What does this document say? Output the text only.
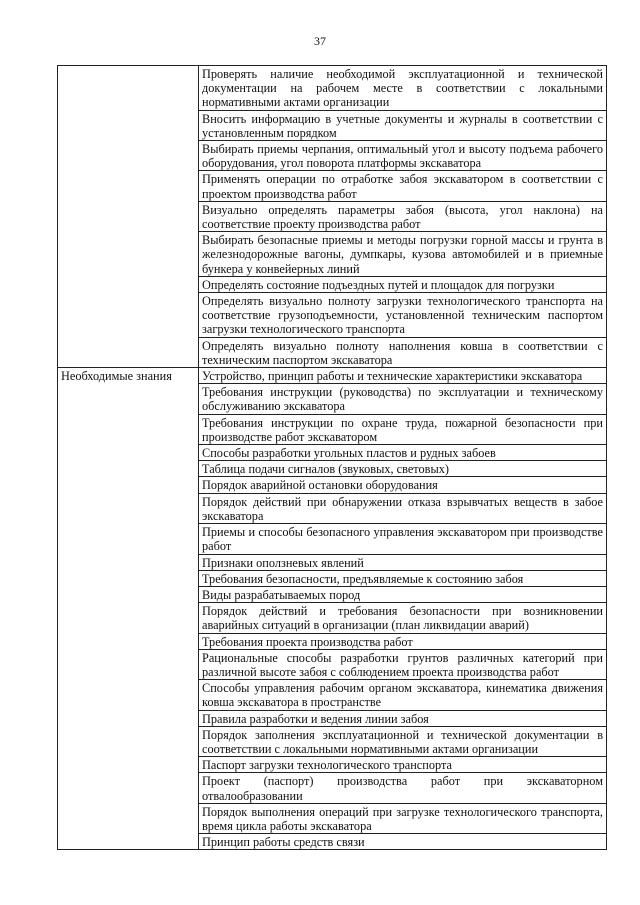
37
	Проверять наличие необходимой эксплуатационной и технической документации на рабочем месте в соответствии с локальными нормативными актами организации
	Вносить информацию в учетные документы и журналы в соответствии с установленным порядком
	Выбирать приемы черпания, оптимальный угол и высоту подъема рабочего оборудования, угол поворота платформы экскаватора
	Применять операции по отработке забоя экскаватором в соответствии с проектом производства работ
	Визуально определять параметры забоя (высота, угол наклона) на соответствие проекту производства работ
	Выбирать безопасные приемы и методы погрузки горной массы и грунта в железнодорожные вагоны, думпкары, кузова автомобилей и в приемные бункера у конвейерных линий
	Определять состояние подъездных путей и площадок для погрузки
	Определять визуально полноту загрузки технологического транспорта на соответствие грузоподъемности, установленной техническим паспортом загрузки технологического транспорта
	Определять визуально полноту наполнения ковша в соответствии с техническим паспортом экскаватора
Необходимые знания	Устройство, принцип работы и технические характеристики экскаватора
	Требования инструкции (руководства) по эксплуатации и техническому обслуживанию экскаватора
	Требования инструкции по охране труда, пожарной безопасности при производстве работ экскаватором
	Способы разработки угольных пластов и рудных забоев
	Таблица подачи сигналов (звуковых, световых)
	Порядок аварийной остановки оборудования
	Порядок действий при обнаружении отказа взрывчатых веществ в забое экскаватора
	Приемы и способы безопасного управления экскаватором при производстве работ
	Признаки оползневых явлений
	Требования безопасности, предъявляемые к состоянию забоя
	Виды разрабатываемых пород
	Порядок действий и требования безопасности при возникновении аварийных ситуаций в организации (план ликвидации аварий)
	Требования проекта производства работ
	Рациональные способы разработки грунтов различных категорий при различной высоте забоя с соблюдением проекта производства работ
	Способы управления рабочим органом экскаватора, кинематика движения ковша экскаватора в пространстве
	Правила разработки и ведения линии забоя
	Порядок заполнения эксплуатационной и технической документации в соответствии с локальными нормативными актами организации
	Паспорт загрузки технологического транспорта
	Проект (паспорт) производства работ при экскаваторном отвалообразовании
	Порядок выполнения операций при загрузке технологического транспорта, время цикла работы экскаватора
	Принцип работы средств связи
